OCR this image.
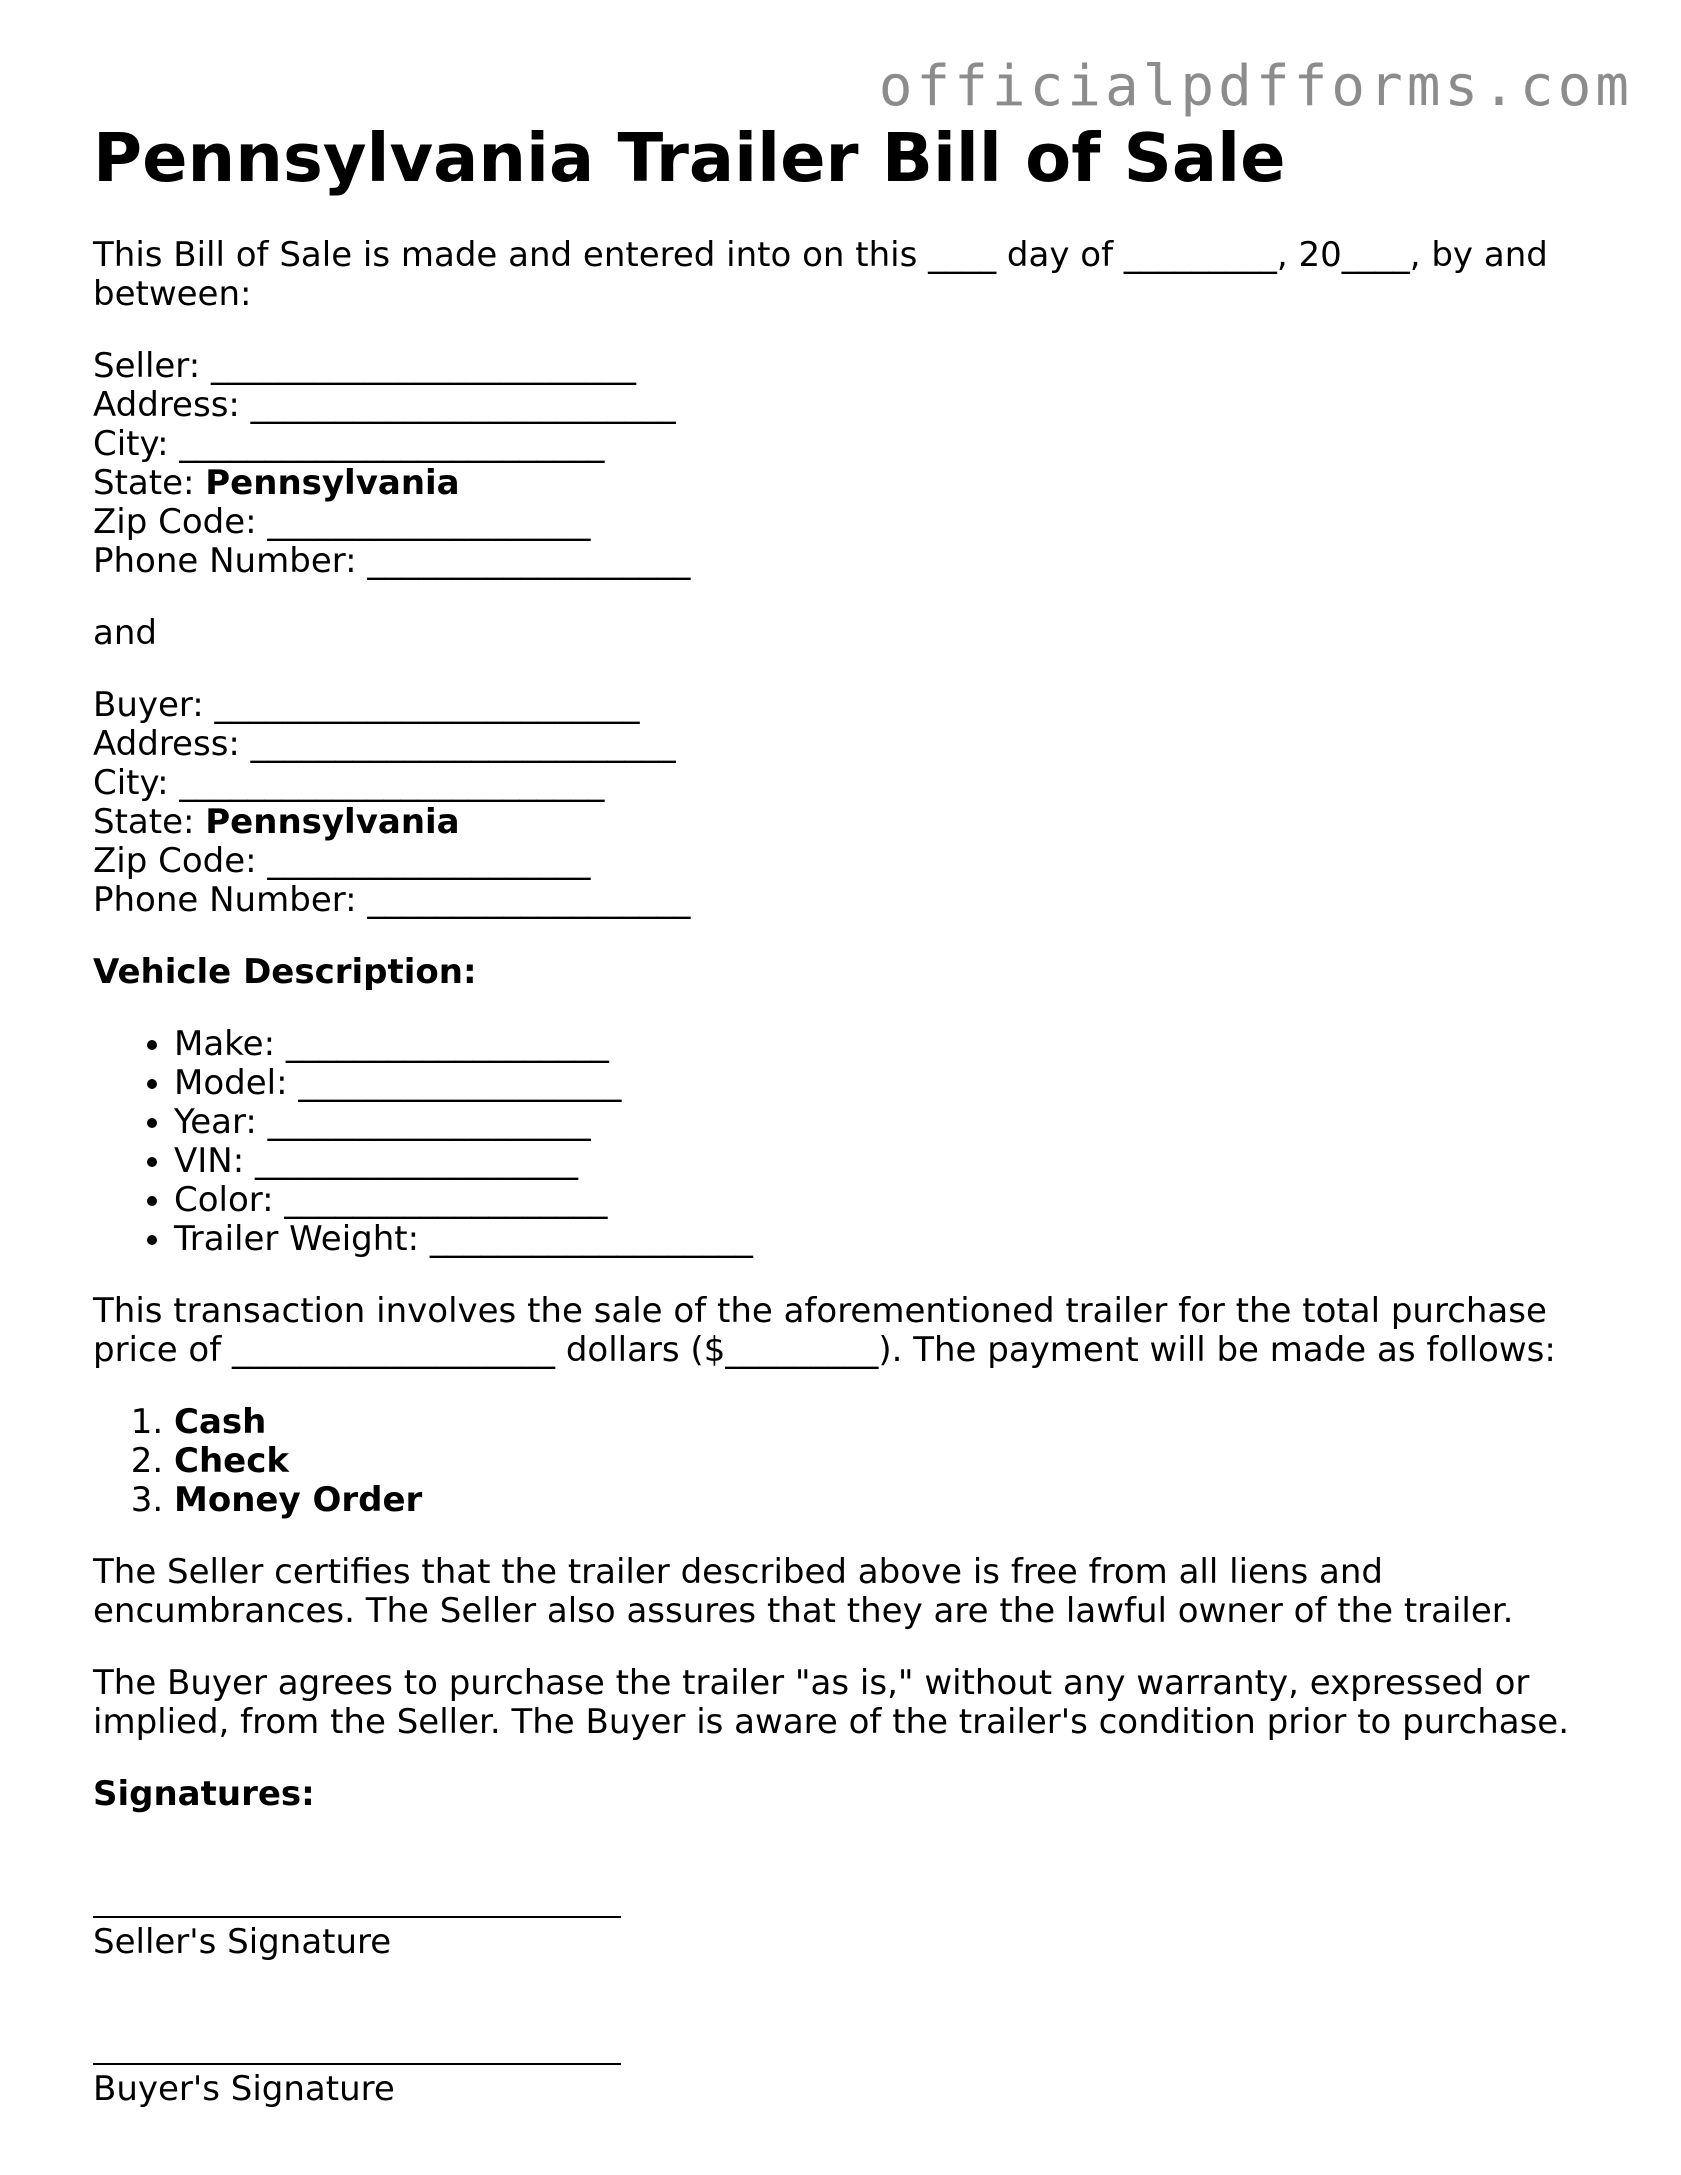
officialpdfforms.com
Pennsylvania Trailer Bill of Sale

This Bill of Sale is made and entered into on this ____ day of _________, 20____, by and between:

Seller: _________________________
Address: _________________________
City: _________________________
State: Pennsylvania
Zip Code: ___________________
Phone Number: ___________________

and

Buyer: _________________________
Address: _________________________
City: _________________________
State: Pennsylvania
Zip Code: ___________________
Phone Number: ___________________

Vehicle Description:

• Make: ___________________
• Model: ___________________
• Year: ___________________
• VIN: ___________________
• Color: ___________________
• Trailer Weight: ___________________

This transaction involves the sale of the aforementioned trailer for the total purchase price of ___________________ dollars ($_________). The payment will be made as follows:

1. Cash
2. Check
3. Money Order

The Seller certifies that the trailer described above is free from all liens and encumbrances. The Seller also assures that they are the lawful owner of the trailer.

The Buyer agrees to purchase the trailer "as is," without any warranty, expressed or implied, from the Seller. The Buyer is aware of the trailer's condition prior to purchase.

Signatures:

Seller's Signature
Buyer's Signature
